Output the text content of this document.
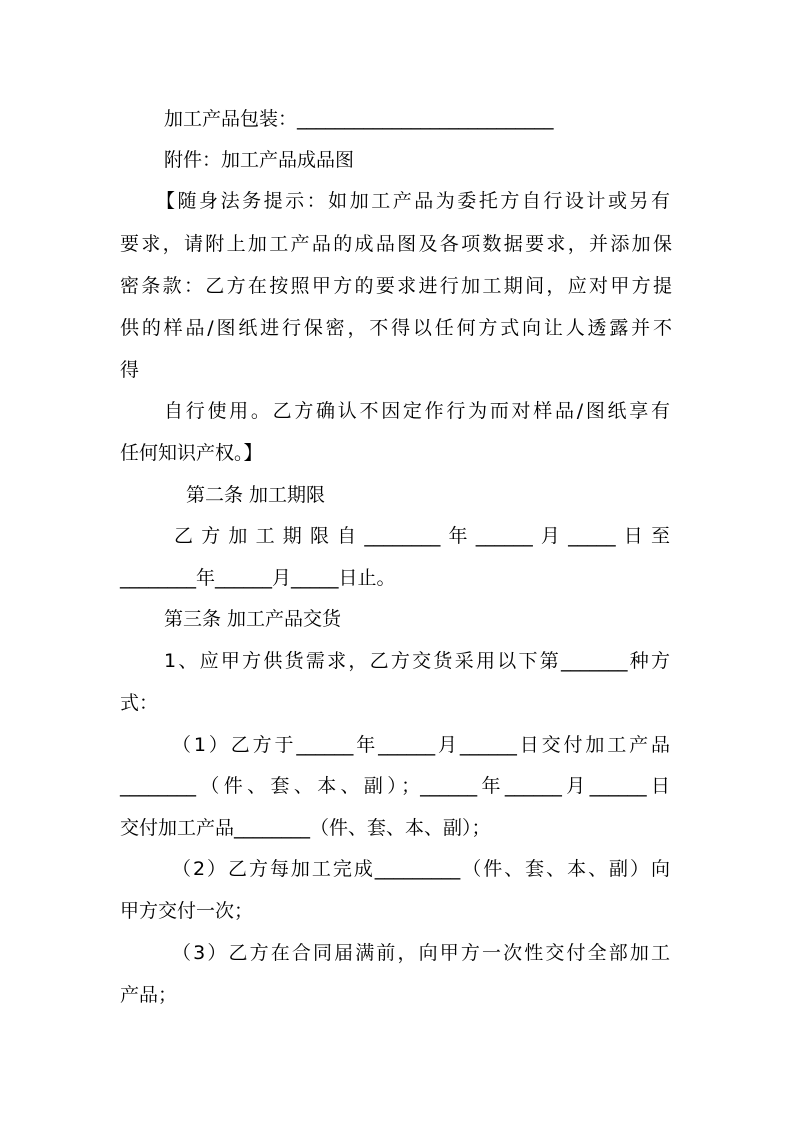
加工产品包装：___________________________
附件：加工产品成品图
【随身法务提示：如加工产品为委托方自行设计或另有
要求，请附上加工产品的成品图及各项数据要求，并添加保
密条款：乙方在按照甲方的要求进行加工期间，应对甲方提
供的样品/图纸进行保密，不得以任何方式向让人透露并不
得
自行使用。乙方确认不因定作行为而对样品/图纸享有
任何知识产权。】
第二条 加工期限
乙方加工期限自________年______月_____日至
________年______月_____日止。
第三条 加工产品交货
1、应甲方供货需求，乙方交货采用以下第_______种方
式：
（1）乙方于______年______月______日交付加工产品
________（件、套、本、副）；______年______月______日
交付加工产品________（件、套、本、副）；
（2）乙方每加工完成_________（件、套、本、副）向
甲方交付一次；
（3）乙方在合同届满前，向甲方一次性交付全部加工
产品；
